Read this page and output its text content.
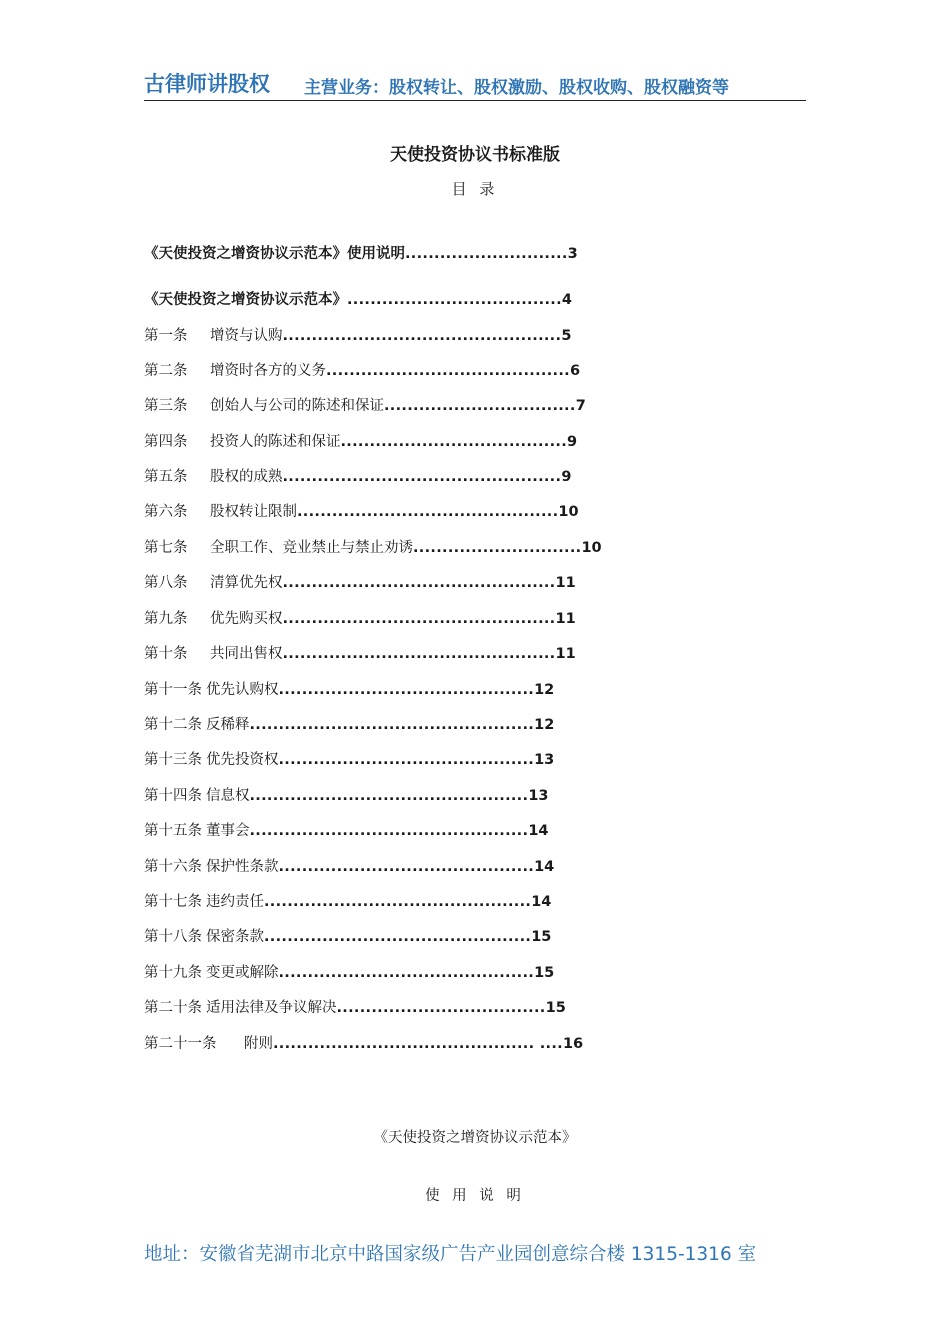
古律师讲股权 主营业务：股权转让、股权激励、股权收购、股权融资等
天使投资协议书标准版
目 录
《天使投资之增资协议示范本》使用说明............................3
《天使投资之增资协议示范本》.....................................4
第一条 增资与认购................................................5
第二条 增资时各方的义务..........................................6
第三条 创始人与公司的陈述和保证.................................7
第四条 投资人的陈述和保证.......................................9
第五条 股权的成熟................................................9
第六条 股权转让限制.............................................10
第七条 全职工作、竞业禁止与禁止劝诱.............................10
第八条 清算优先权...............................................11
第九条 优先购买权...............................................11
第十条 共同出售权...............................................11
第十一条 优先认购权............................................12
第十二条 反稀释.................................................12
第十三条 优先投资权............................................13
第十四条 信息权................................................13
第十五条 董事会................................................14
第十六条 保护性条款............................................14
第十七条 违约责任..............................................14
第十八条 保密条款..............................................15
第十九条 变更或解除............................................15
第二十条 适用法律及争议解决....................................15
第二十一条 附则............................................. ....16
《天使投资之增资协议示范本》
使 用 说 明
地址：安徽省芜湖市北京中路国家级广告产业园创意综合楼 1315-1316 室
